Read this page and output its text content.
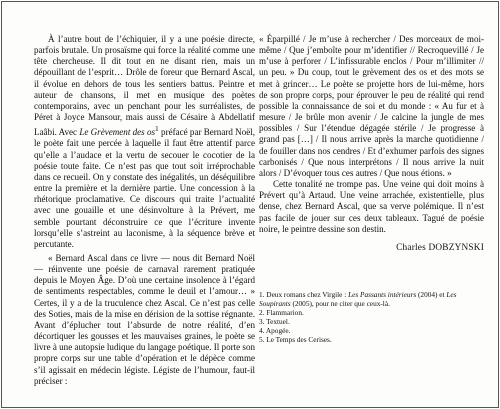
À l’autre bout de l’échiquier, il y a une poésie directe, parfois brutale. Un prosaïsme qui force la réalité comme une tête chercheuse. Il dit tout en ne disant rien, mais un dépouillant de l’esprit… Drôle de foreur que Bernard Ascal, il évolue en dehors de tous les sentiers battus. Peintre et auteur de chansons, il met en musique des poètes contemporains, avec un penchant pour les surréalistes, de Péret à Joyce Mansour, mais aussi de Césaire à Abdellatif Laâbi. Avec Le Grèvement des $os^1$ préfacé par Bernard Noël, le poète fait une percée à laquelle il faut être attentif parce qu’elle a l’audace et la vertu de secouer le cocotier de la poésie toute faite. Ce n’est pas que tout soit irréprochable dans ce recueil. On y constate des inégalités, un déséquilibre entre la première et la dernière partie. Une concession à la rhétorique proclamative. Ce discours qui traite l’actualité avec une gouaille et une désinvolture à la Prévert, me semble pourtant déconstruire ce que l’écriture invente lorsqu’elle s’astreint au laconisme, à la séquence brève et percutante.

« Bernard Ascal dans ce livre — nous dit Bernard Noël — réinvente une poésie de carnaval rarement pratiquée depuis le Moyen Âge. D’où une certaine insolence à l’égard de sentiments respectables, comme le deuil et l’amour… » Certes, il y a de la truculence chez Ascal. Ce n’est pas celle des Soties, mais de la mise en dérision de la sottise régnante. Avant d’éplucher tout l’absurde de notre réalité, d’en décortiquer les gousses et les mauvaises graines, le poète se livre à une autopsie ludique du langage poétique. Il porte son propre corps sur une table d’opération et le dépèce comme s’il agissait en médecin légiste. Légiste de l’humour, faut-il préciser :

« Éparpillé / Je m’use à rechercher / Des morceaux de moi-même / Que j’emboîte pour m’identifier // Recroquevillé / Je m’use à perforer / L’infissurable enclos / Pour m’illimiter // un peu. » Du coup, tout le grèvement des os et des mots se met à grincer… Le poète se projette hors de lui-même, hors de son propre corps, pour éprouver le peu de réalité qui rend possible la connaissance de soi et du monde : « Au fur et à mesure / Je brûle mon avenir / Je calcine la jungle de mes possibles / Sur l’étendue dégagée stérile / Je progresse à grand pas […] / Il nous arrive après la marche quotidienne / de fouiller dans nos cendres / Et d’exhumer parfois des signes carbonisés / Que nous interprétons / Il nous arrive la nuit alors / D’évoquer tous ces autres / Que nous étions. »

Cette tonalité ne trompe pas. Une veine qui doit moins à Prévert qu’à Artaud. Une veine arrachée, existentielle, plus dense, chez Bernard Ascal, que sa verve polémique. Il n’est pas facile de jouer sur ces deux tableaux. Tagué de poésie noire, le peintre dessine son destin.

Charles DOBZYNSKI

1. Deux romans chez Virgile : Les Passants intérieurs (2004) et Les Soupirants (2005), pour ne citer que ceux-là.

2. Flammarion.

3. Textuel.

4. Apogée.

5. Le Temps des Cerises.
